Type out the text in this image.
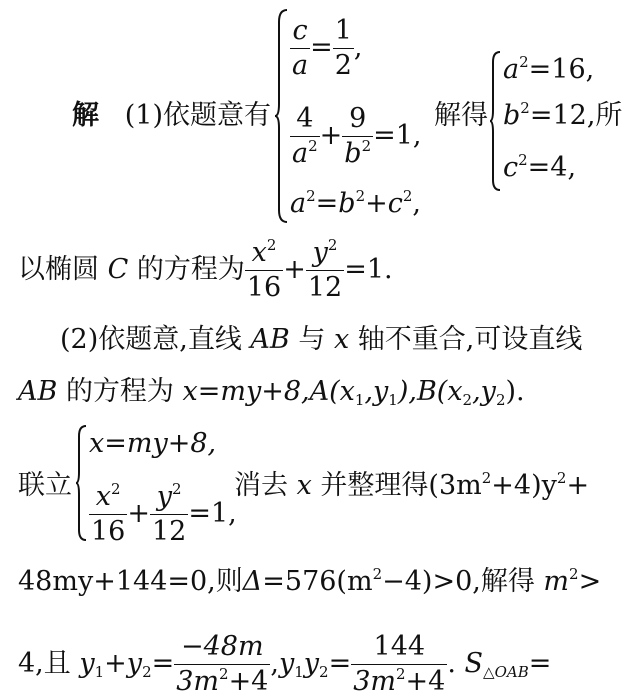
$\frac{c}{a} = \frac{1}{2}$ ,
解 (1)依题意有 $\frac{4}{a^2} + \frac{9}{b^2} =1$,
解得
$a^2=16$,
$b^2=12$,所
$c^2=4$,
$a^2=b^2+c^2$,
以椭圆 C 的方程为 $\frac{x^2}{16} + \frac{y^2}{12} =1$.
(2)依题意,直线 AB 与 x 轴不重合,可设直线
AB 的方程为 $x=my+8,A(x_1,y_1),B(x_2,y_2)$.
x=my+8,
联立 $\frac{x^2}{16} + \frac{y^2}{12} =1$,
消去 x 并整理得$(3m^2+4)y^2+$
48my+144=0,则$\Delta=576(m^2-4)>0$,解得 $m^2>$
4,且 $y_1+y_2= \frac{-48m}{3m^2+4} ,y_1y_2= \frac{144}{3m^2+4}$ . $S_{\triangle OAB}=$
